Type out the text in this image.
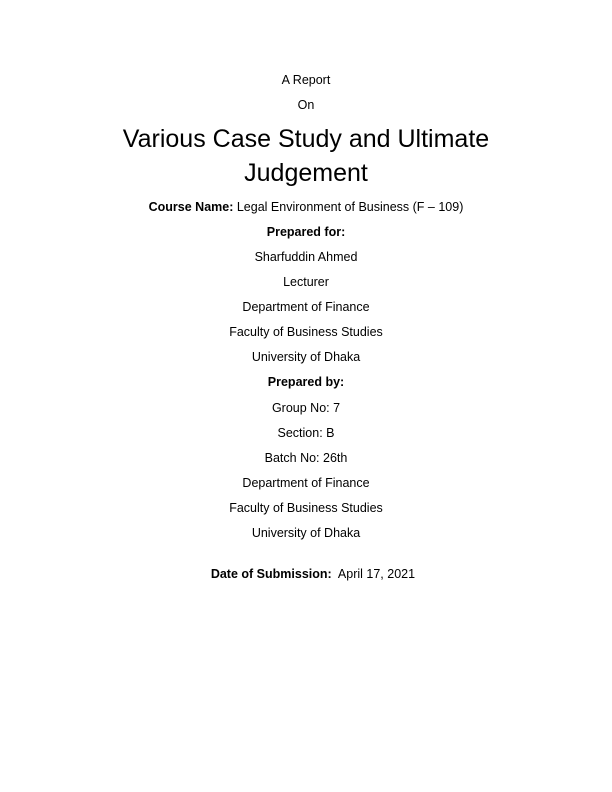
A Report
On
Various Case Study and Ultimate
Judgement
Course Name: Legal Environment of Business (F – 109)
Prepared for:
Sharfuddin Ahmed
Lecturer
Department of Finance
Faculty of Business Studies
University of Dhaka
Prepared by:
Group No: 7
Section: B
Batch No: 26th
Department of Finance
Faculty of Business Studies
University of Dhaka

Date of Submission:  April 17, 2021
